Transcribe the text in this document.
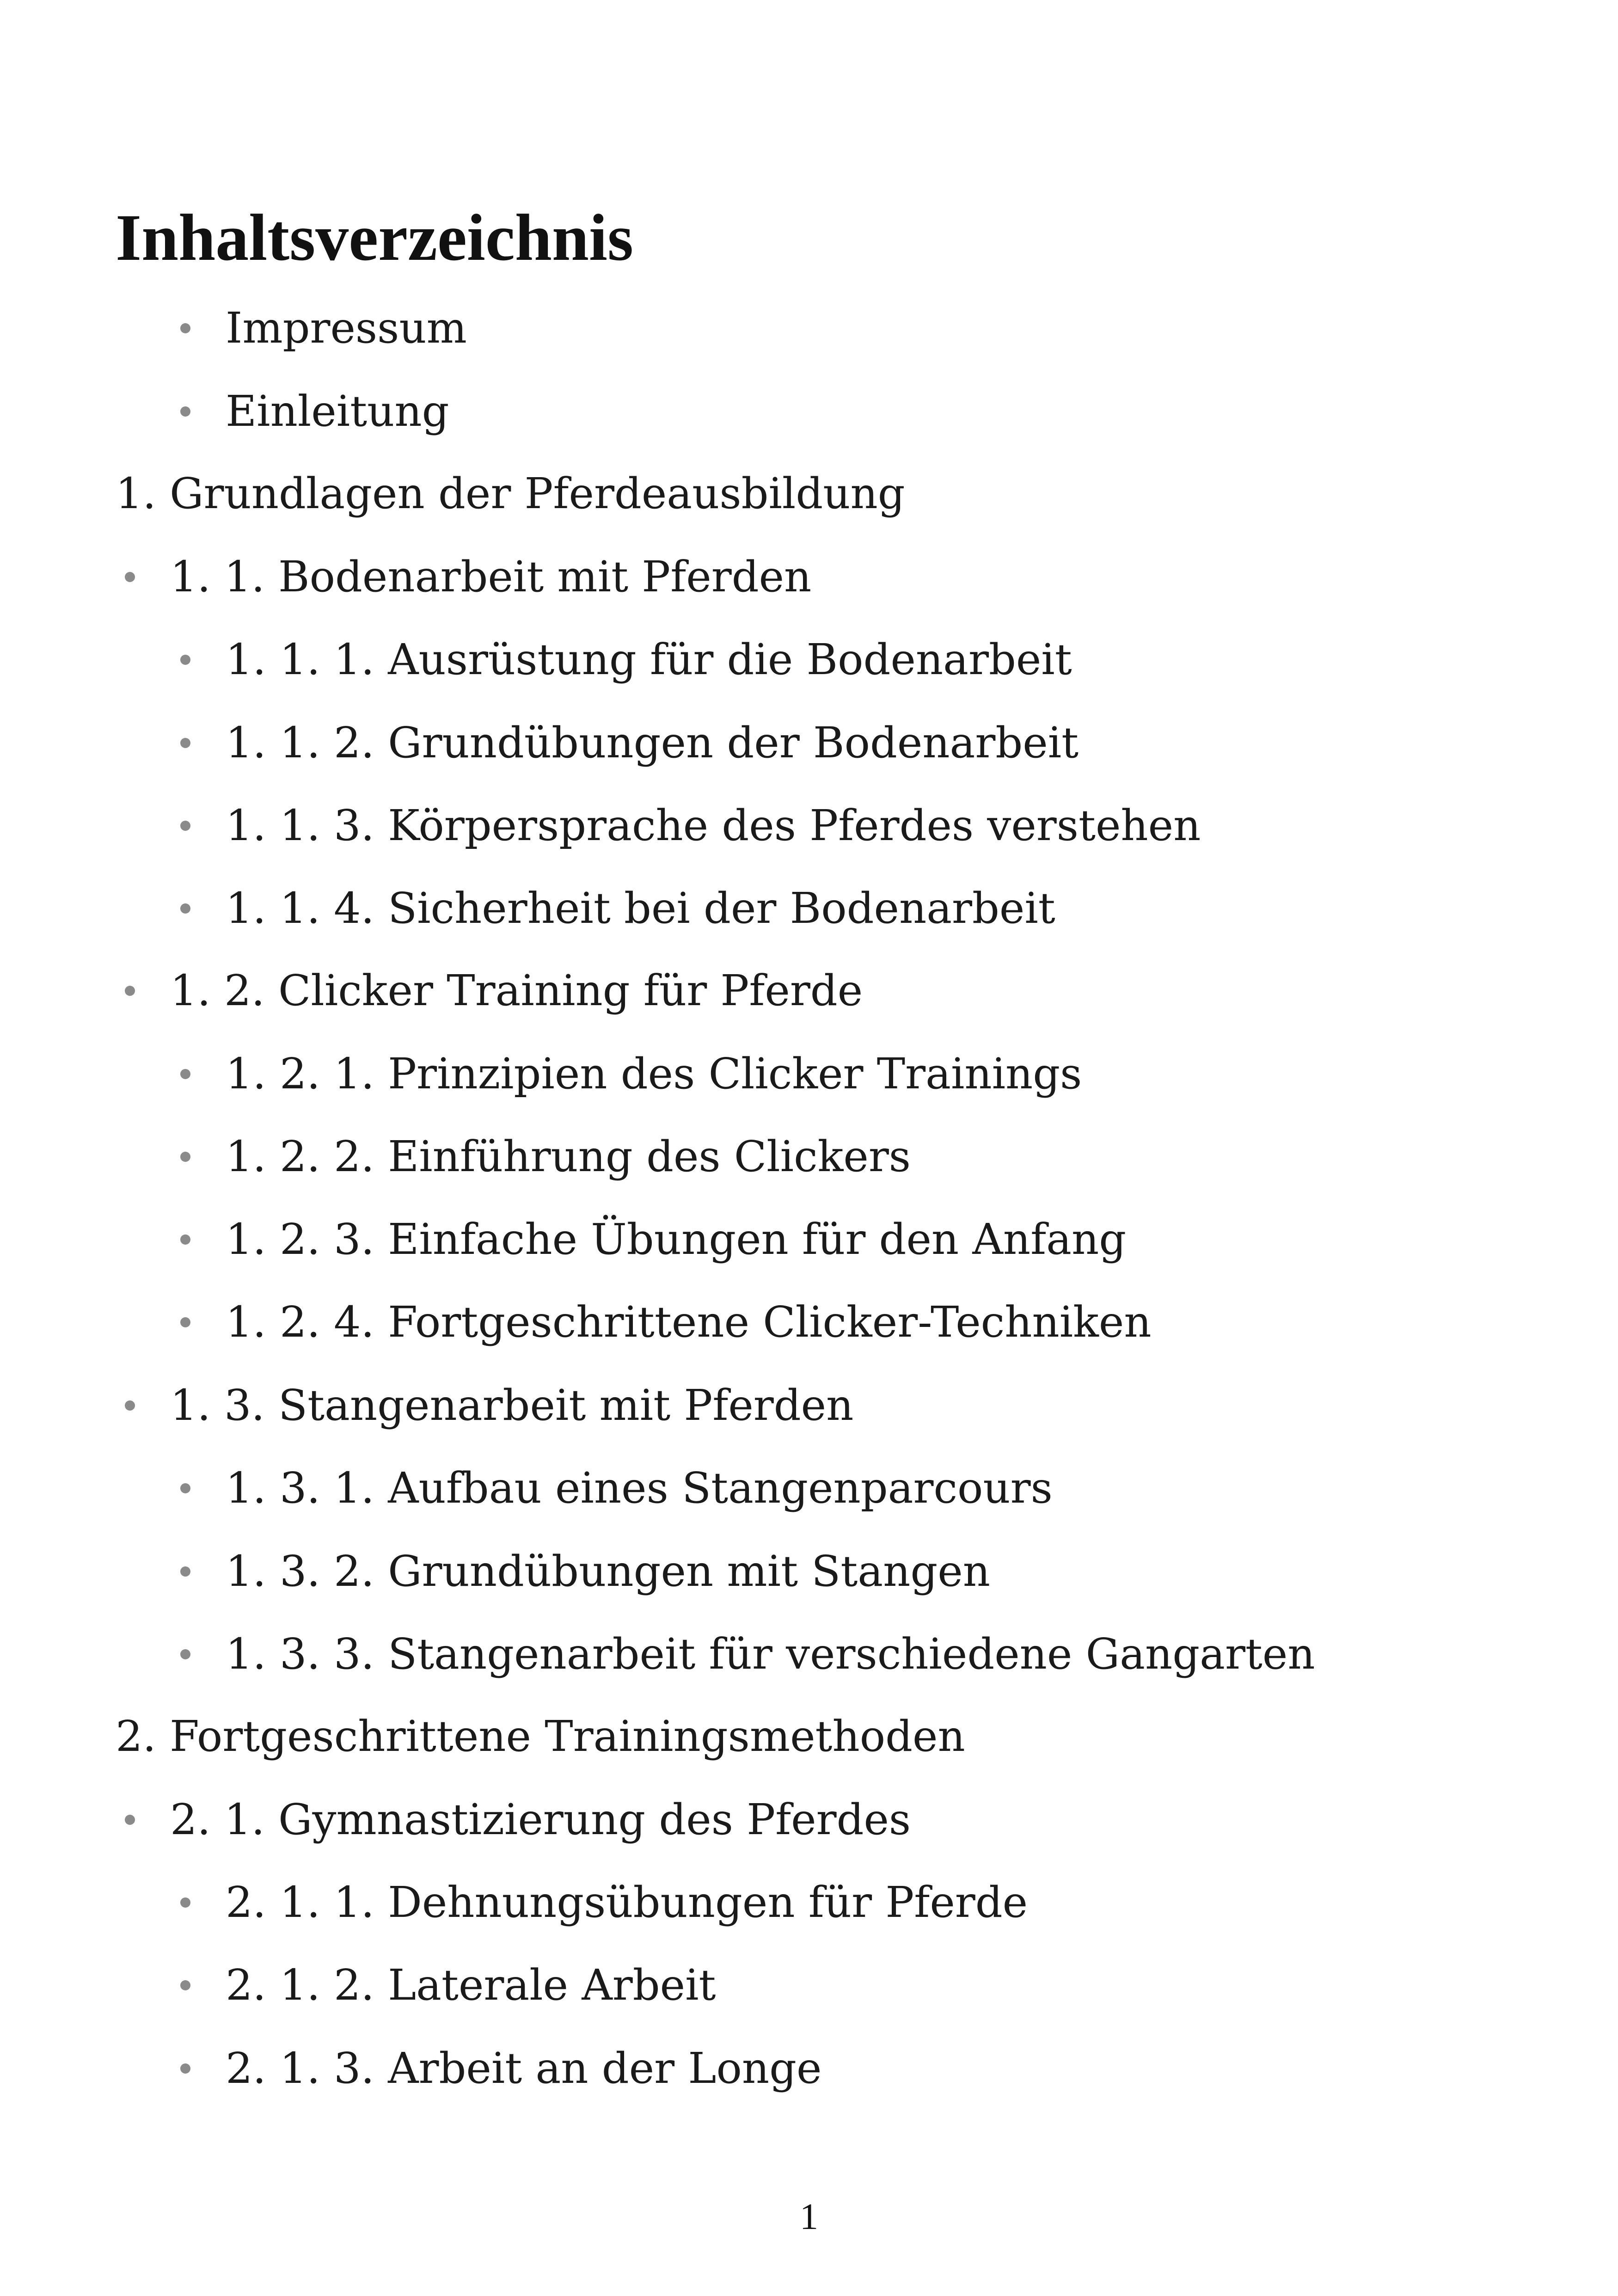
Inhaltsverzeichnis
Impressum
Einleitung
1. Grundlagen der Pferdeausbildung
1. 1. Bodenarbeit mit Pferden
1. 1. 1. Ausrüstung für die Bodenarbeit
1. 1. 2. Grundübungen der Bodenarbeit
1. 1. 3. Körpersprache des Pferdes verstehen
1. 1. 4. Sicherheit bei der Bodenarbeit
1. 2. Clicker Training für Pferde
1. 2. 1. Prinzipien des Clicker Trainings
1. 2. 2. Einführung des Clickers
1. 2. 3. Einfache Übungen für den Anfang
1. 2. 4. Fortgeschrittene Clicker-Techniken
1. 3. Stangenarbeit mit Pferden
1. 3. 1. Aufbau eines Stangenparcours
1. 3. 2. Grundübungen mit Stangen
1. 3. 3. Stangenarbeit für verschiedene Gangarten
2. Fortgeschrittene Trainingsmethoden
2. 1. Gymnastizierung des Pferdes
2. 1. 1. Dehnungsübungen für Pferde
2. 1. 2. Laterale Arbeit
2. 1. 3. Arbeit an der Longe
1
